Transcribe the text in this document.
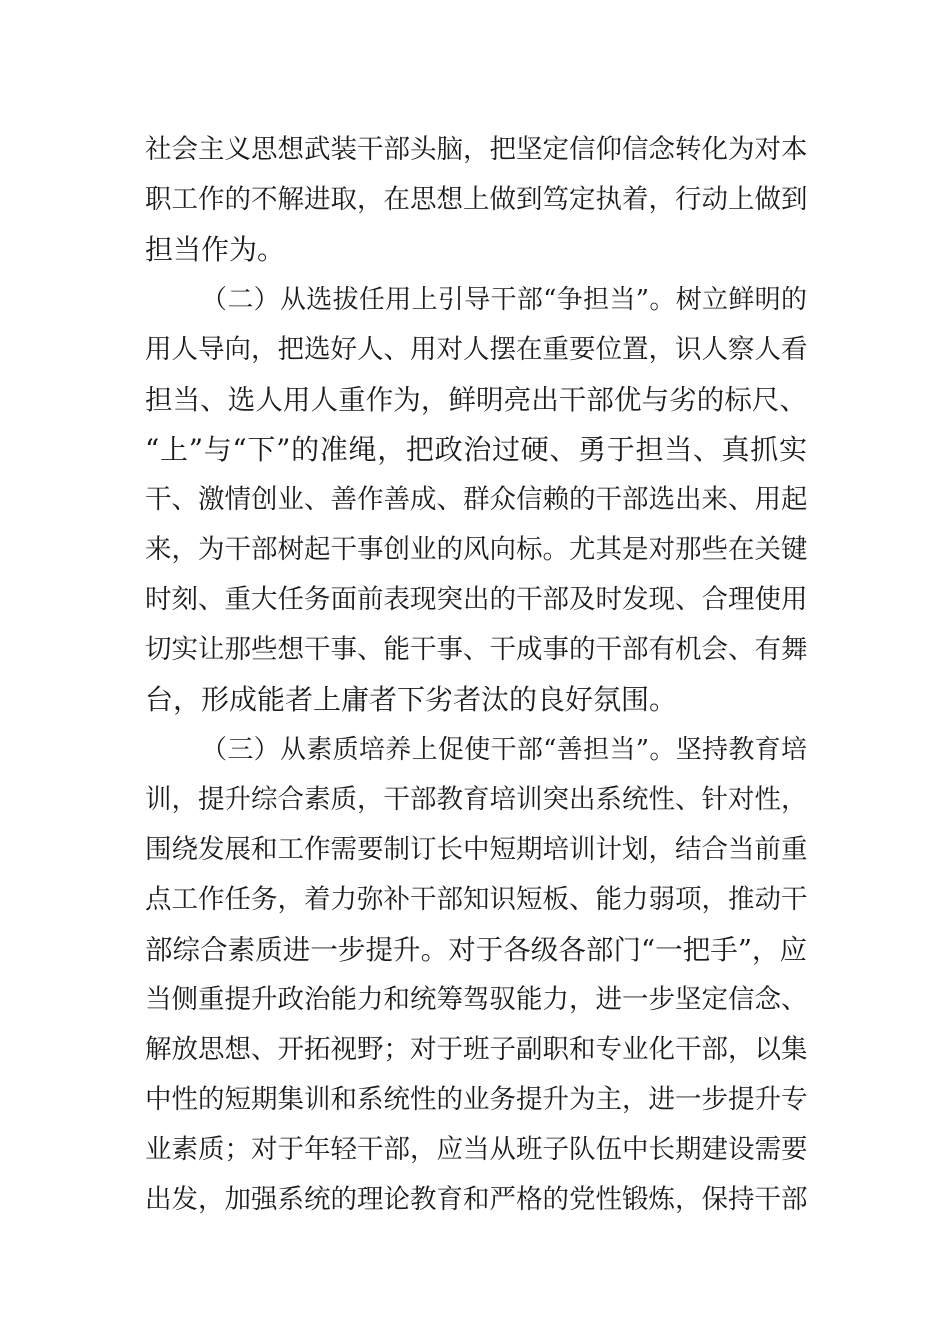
社会主义思想武装干部头脑，把坚定信仰信念转化为对本
职工作的不解进取，在思想上做到笃定执着，行动上做到
担当作为。
（二）从选拔任用上引导干部“争担当”。树立鲜明的
用人导向，把选好人、用对人摆在重要位置，识人察人看
担当、选人用人重作为，鲜明亮出干部优与劣的标尺、
“上”与“下”的准绳，把政治过硬、勇于担当、真抓实
干、激情创业、善作善成、群众信赖的干部选出来、用起
来，为干部树起干事创业的风向标。尤其是对那些在关键
时刻、重大任务面前表现突出的干部及时发现、合理使用
切实让那些想干事、能干事、干成事的干部有机会、有舞
台，形成能者上庸者下劣者汰的良好氛围。
（三）从素质培养上促使干部“善担当”。坚持教育培
训，提升综合素质，干部教育培训突出系统性、针对性，
围绕发展和工作需要制订长中短期培训计划，结合当前重
点工作任务，着力弥补干部知识短板、能力弱项，推动干
部综合素质进一步提升。对于各级各部门“一把手”，应
当侧重提升政治能力和统筹驾驭能力，进一步坚定信念、
解放思想、开拓视野；对于班子副职和专业化干部，以集
中性的短期集训和系统性的业务提升为主，进一步提升专
业素质；对于年轻干部，应当从班子队伍中长期建设需要
出发，加强系统的理论教育和严格的党性锻炼，保持干部
